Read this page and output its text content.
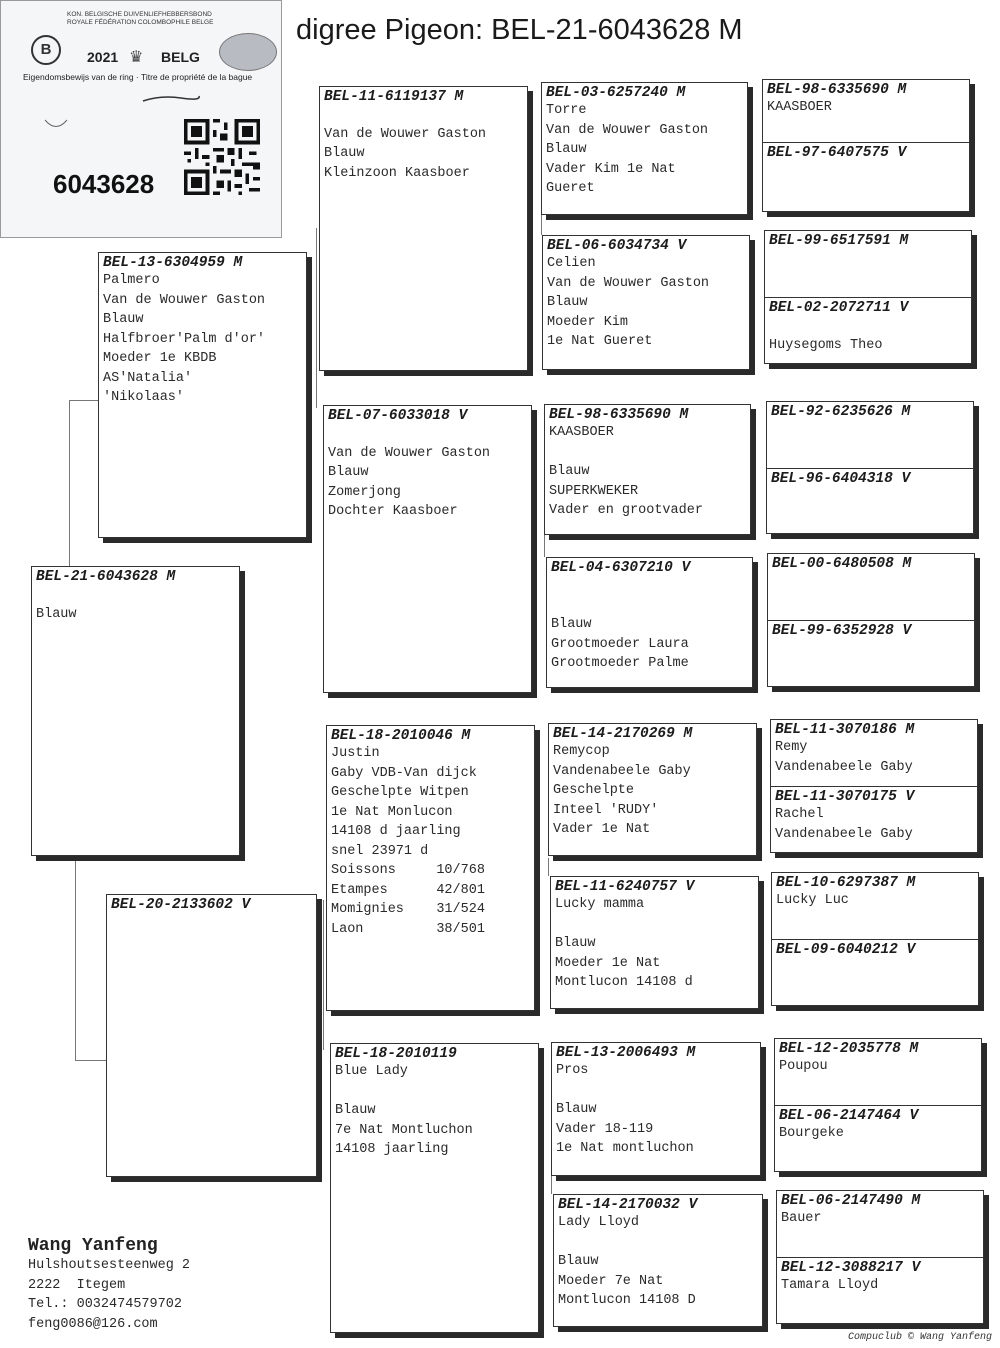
digree Pigeon: BEL-21-6043628 M
KON. BELGISCHE DUIVENLIEFHEBBERSBOND
ROYALE FÉDÉRATION COLOMBOPHILE BELGE
B	2021 ♛ BELG
Eigendomsbewijs van de ring · Titre de propriété de la bague
6043628
BEL-21-6043628 M
Blauw
BEL-13-6304959 M
Palmero
Van de Wouwer Gaston
Blauw
Halfbroer'Palm d'or'
Moeder 1e KBDB
AS'Natalia'
'Nikolaas'
BEL-20-2133602 V
BEL-11-6119137 M
Van de Wouwer Gaston
Blauw
Kleinzoon Kaasboer
BEL-07-6033018 V
Van de Wouwer Gaston
Blauw
Zomerjong
Dochter Kaasboer
BEL-18-2010046 M
Justin
Gaby VDB-Van dijck
Geschelpte Witpen
1e Nat Monlucon
14108 d jaarling
snel 23971 d
Soissons     10/768
Etampes      42/801
Momignies    31/524
Laon         38/501
BEL-18-2010119
Blue Lady
Blauw
7e Nat Montluchon
14108 jaarling
BEL-03-6257240 M
Torre
Van de Wouwer Gaston
Blauw
Vader Kim 1e Nat
Gueret
BEL-06-6034734 V
Celien
Van de Wouwer Gaston
Blauw
Moeder Kim
1e Nat Gueret
BEL-98-6335690 M
KAASBOER
Blauw
SUPERKWEKER
Vader en grootvader
BEL-04-6307210 V
Blauw
Grootmoeder Laura
Grootmoeder Palme
BEL-14-2170269 M
Remycop
Vandenabeele Gaby
Geschelpte
Inteel 'RUDY'
Vader 1e Nat
BEL-11-6240757 V
Lucky mamma
Blauw
Moeder 1e Nat
Montlucon 14108 d
BEL-13-2006493 M
Pros
Blauw
Vader 18-119
1e Nat montluchon
BEL-14-2170032 V
Lady Lloyd
Blauw
Moeder 7e Nat
Montlucon 14108 D
BEL-98-6335690 M
KAASBOER
BEL-97-6407575 V
BEL-99-6517591 M
BEL-02-2072711 V
Huysegoms Theo
BEL-92-6235626 M
BEL-96-6404318 V
BEL-00-6480508 M
BEL-99-6352928 V
BEL-11-3070186 M
Remy
Vandenabeele Gaby
BEL-11-3070175 V
Rachel
Vandenabeele Gaby
BEL-10-6297387 M
Lucky Luc
BEL-09-6040212 V
BEL-12-2035778 M
Poupou
BEL-06-2147464 V
Bourgeke
BEL-06-2147490 M
Bauer
BEL-12-3088217 V
Tamara Lloyd
Wang Yanfeng
Hulshoutsesteenweg 2
2222  Itegem
Tel.: 0032474579702
feng0086@126.com
Compuclub © Wang Yanfeng
